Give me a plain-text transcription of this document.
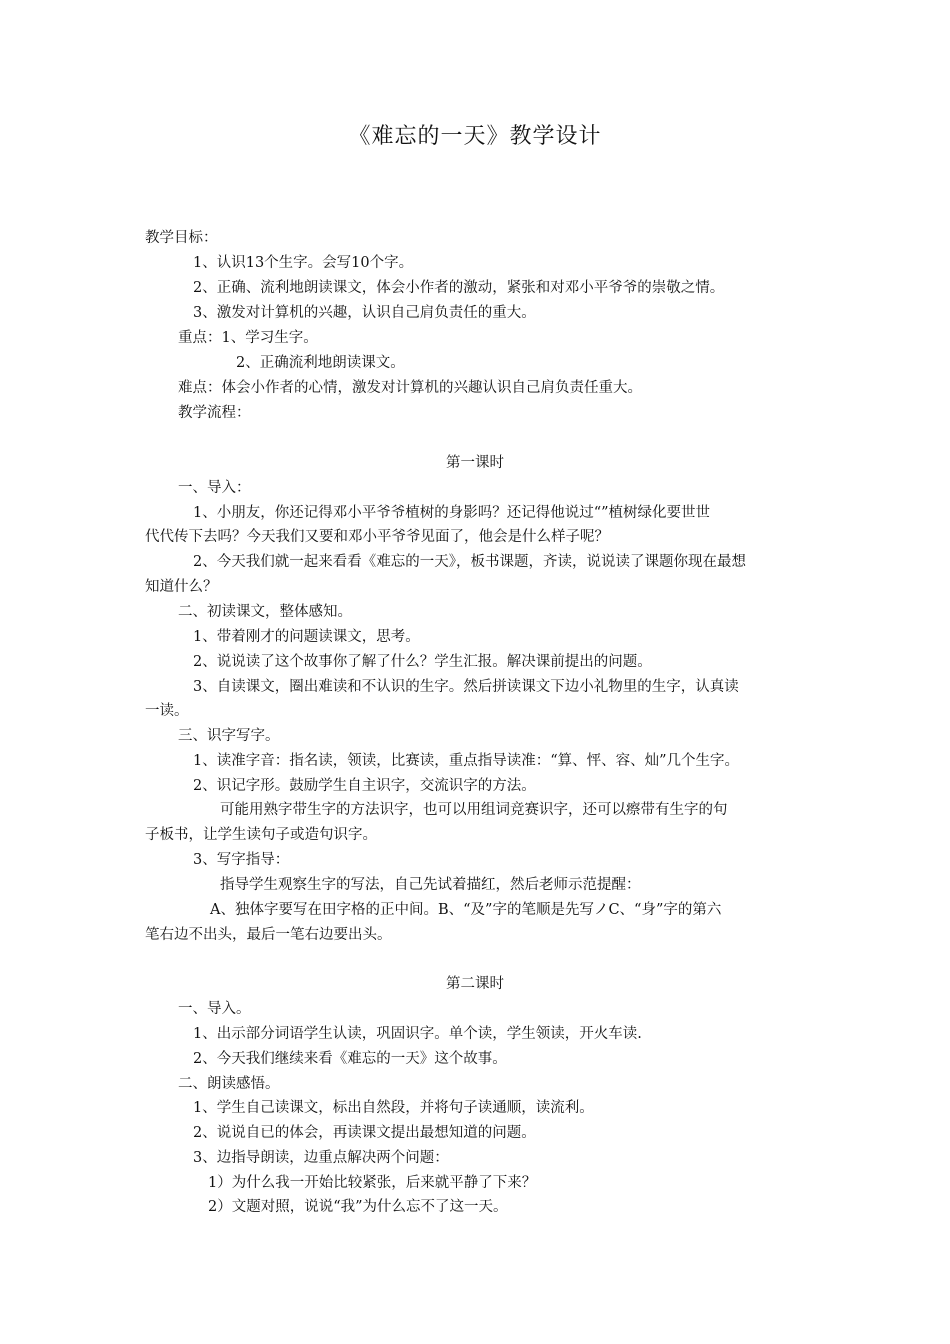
《难忘的一天》教学设计
教学目标：
1、认识13个生字。会写10个字。
2、正确、流利地朗读课文，体会小作者的激动，紧张和对邓小平爷爷的崇敬之情。
3、激发对计算机的兴趣，认识自己肩负责任的重大。
重点：1、学习生字。
2、正确流利地朗读课文。
难点：体会小作者的心情，激发对计算机的兴趣认识自己肩负责任重大。
教学流程：
第一课时
一、导入：
1、小朋友，你还记得邓小平爷爷植树的身影吗？还记得他说过“”植树绿化要世世
代代传下去吗？今天我们又要和邓小平爷爷见面了，他会是什么样子呢？
2、今天我们就一起来看看《难忘的一天》，板书课题，齐读，说说读了课题你现在最想
知道什么？
二、初读课文，整体感知。
1、带着刚才的问题读课文，思考。
2、说说读了这个故事你了解了什么？学生汇报。解决课前提出的问题。
3、自读课文，圈出难读和不认识的生字。然后拼读课文下边小礼物里的生字，认真读
一读。
三、识字写字。
1、读准字音：指名读，领读，比赛读，重点指导读准：“算、怦、容、灿”几个生字。
2、识记字形。鼓励学生自主识字，交流识字的方法。
可能用熟字带生字的方法识字，也可以用组词竞赛识字，还可以瘵带有生字的句
子板书，让学生读句子或造句识字。
3、写字指导：
指导学生观察生字的写法，自己先试着描红，然后老师示范提醒：
A、独体字要写在田字格的正中间。B、“及”字的笔顺是先写ノC、“身”字的第六
笔右边不出头，最后一笔右边要出头。
第二课时
一、导入。
1、出示部分词语学生认读，巩固识字。单个读，学生领读，开火车读.
2、今天我们继续来看《难忘的一天》这个故事。
二、朗读感悟。
1、学生自己读课文，标出自然段，并将句子读通顺，读流利。
2、说说自已的体会，再读课文提出最想知道的问题。
3、边指导朗读，边重点解决两个问题：
1）为什么我一开始比较紧张，后来就平静了下来？
2）文题对照，说说“我”为什么忘不了这一天。
